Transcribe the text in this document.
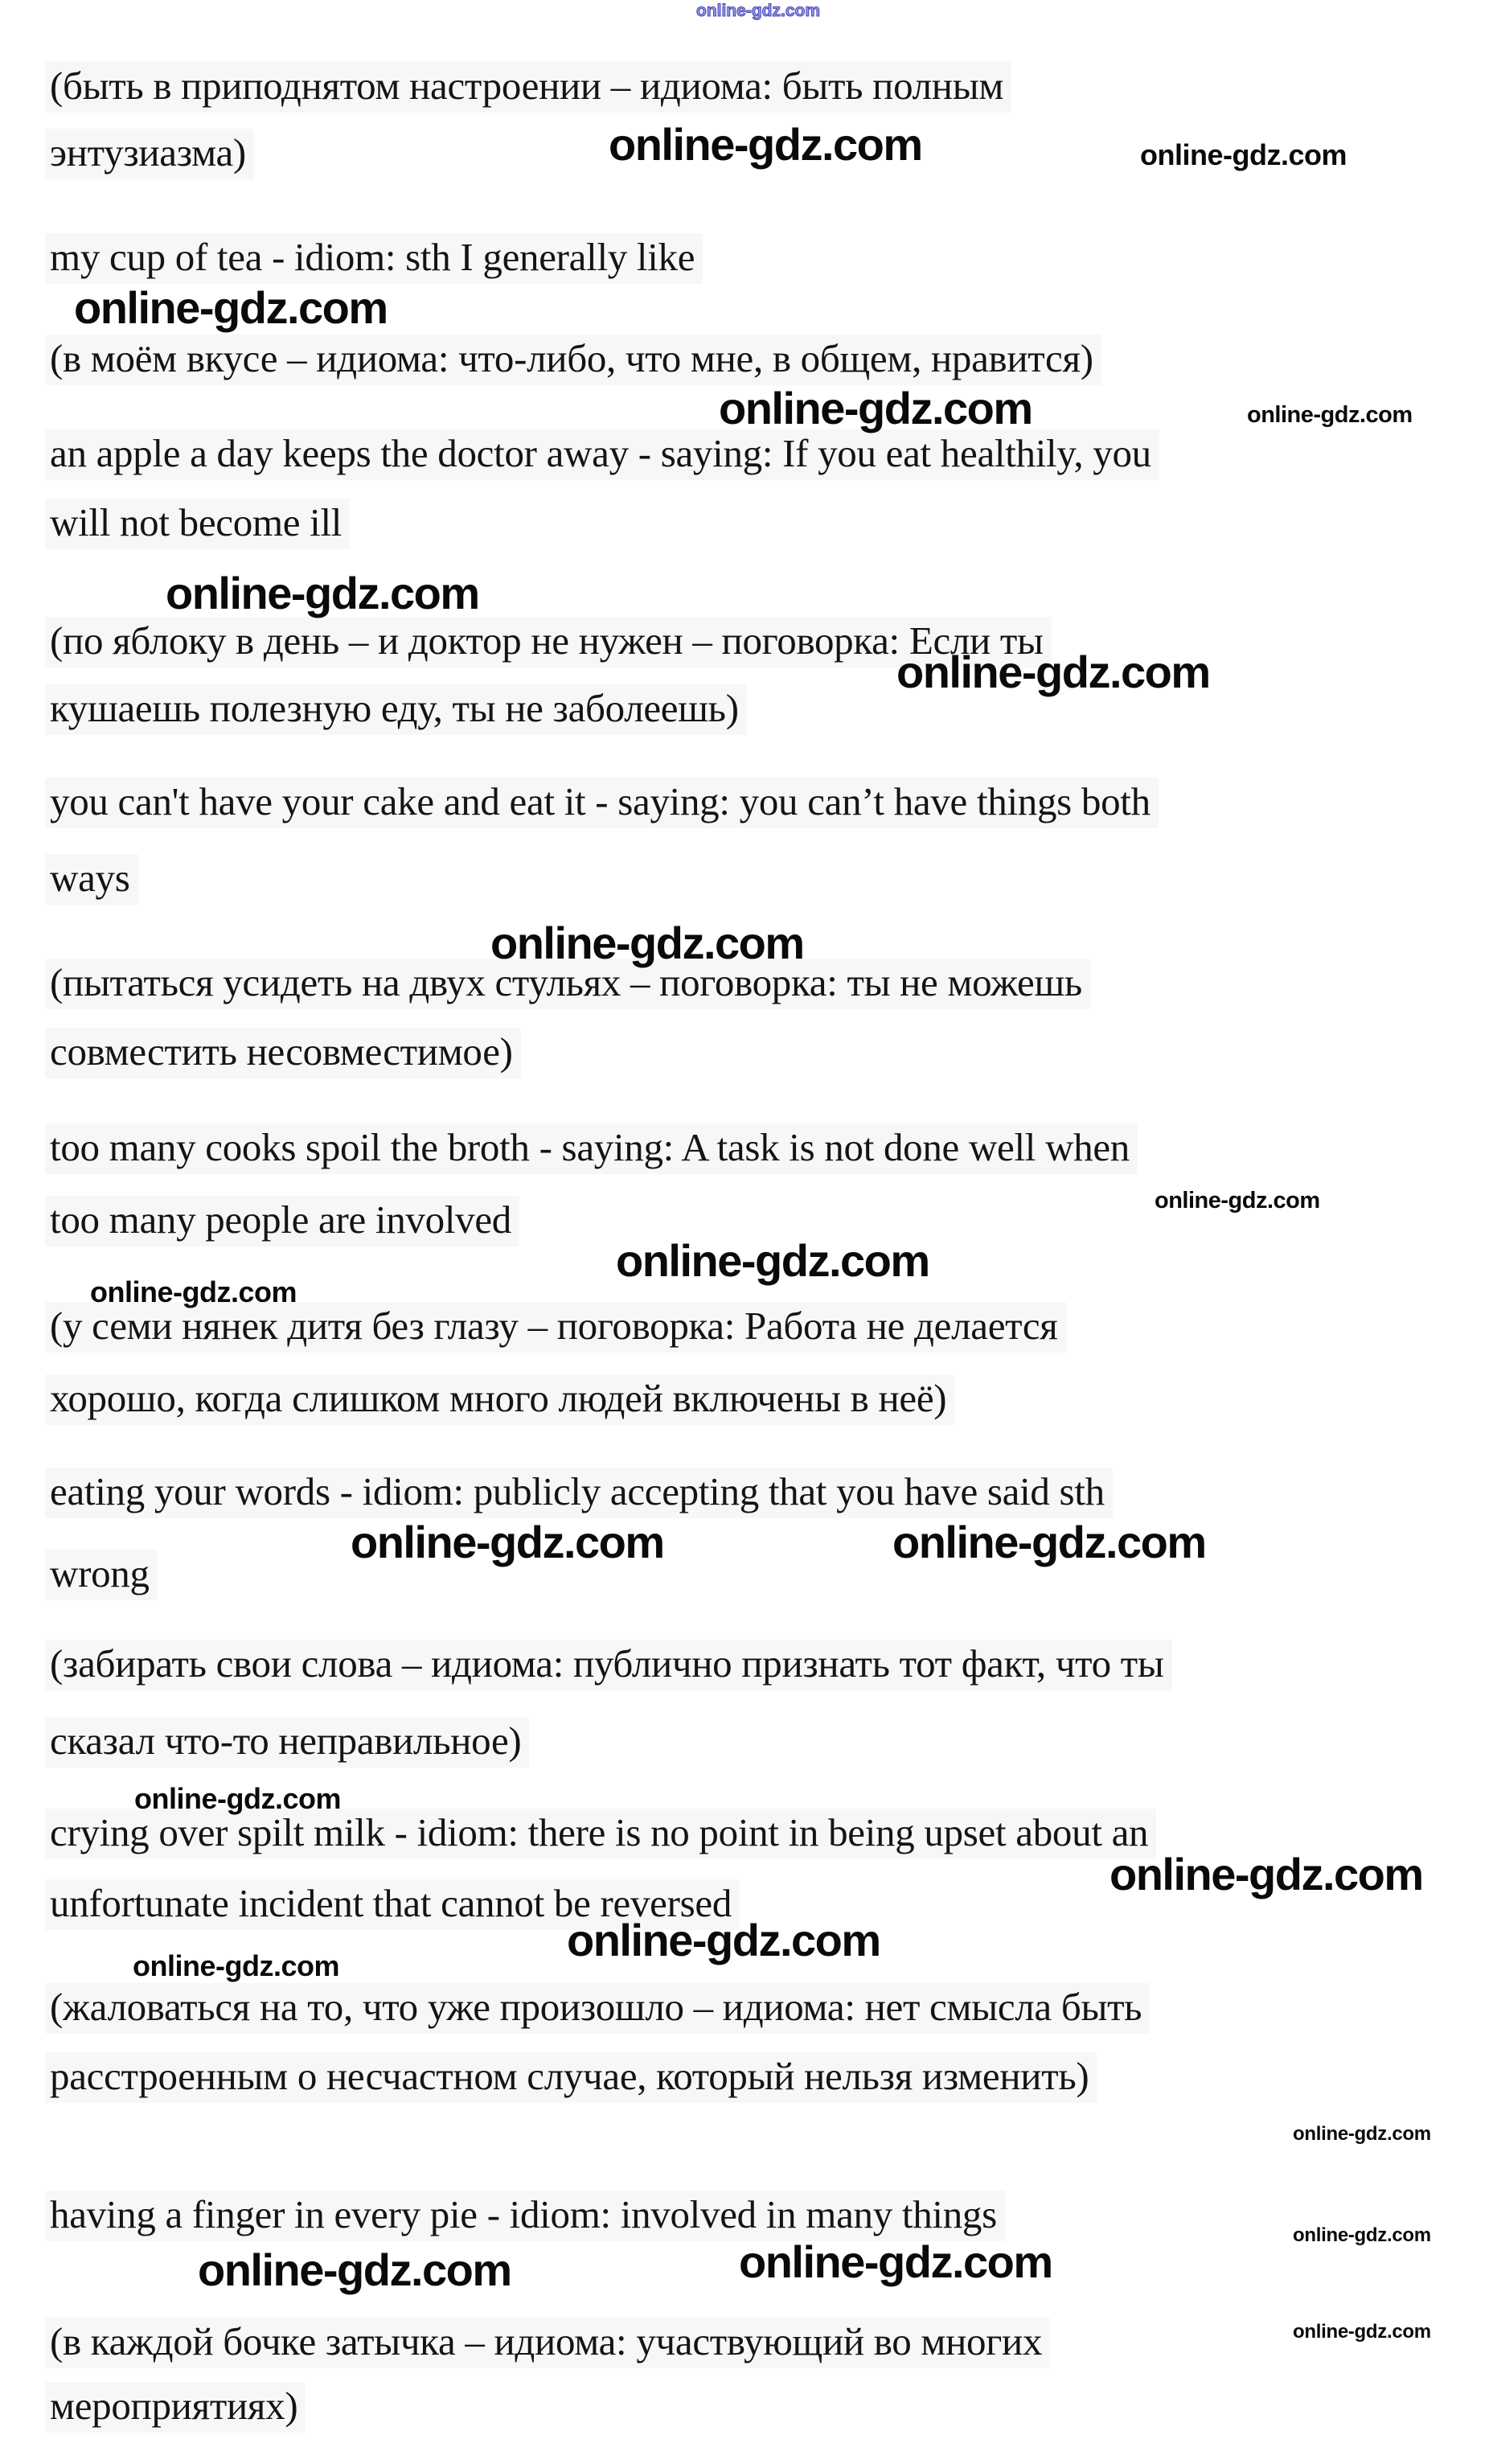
online-gdz.com
(быть в приподнятом настроении – идиома: быть полным
энтузиазма)
my cup of tea - idiom: sth I generally like
(в моём вкусе – идиома: что-либо, что мне, в общем, нравится)
an apple a day keeps the doctor away - saying: If you eat healthily, you
will not become ill
(по яблоку в день – и доктор не нужен – поговорка: Если ты
кушаешь полезную еду, ты не заболеешь)
you can't have your cake and eat it - saying: you can’t have things both
ways
(пытаться усидеть на двух стульях – поговорка: ты не можешь
совместить несовместимое)
too many cooks spoil the broth - saying: A task is not done well when
too many people are involved
(у семи нянек дитя без глазу – поговорка: Работа не делается
хорошо, когда слишком много людей включены в неё)
eating your words - idiom: publicly accepting that you have said sth
wrong
(забирать свои слова – идиома: публично признать тот факт, что ты
сказал что-то неправильное)
crying over spilt milk - idiom: there is no point in being upset about an
unfortunate incident that cannot be reversed
(жаловаться на то, что уже произошло – идиома: нет смысла быть
расстроенным о несчастном случае, который нельзя изменить)
having a finger in every pie - idiom: involved in many things
(в каждой бочке затычка – идиома: участвующий во многих
мероприятиях)
online-gdz.com
online-gdz.com
online-gdz.com
online-gdz.com
online-gdz.com
online-gdz.com
online-gdz.com
online-gdz.com	online-gdz.com
online-gdz.com
online-gdz.com
online-gdz.com	online-gdz.com
online-gdz.com
online-gdz.com
online-gdz.com
online-gdz.com
online-gdz.com
online-gdz.com
online-gdz.com
online-gdz.com
online-gdz.com
